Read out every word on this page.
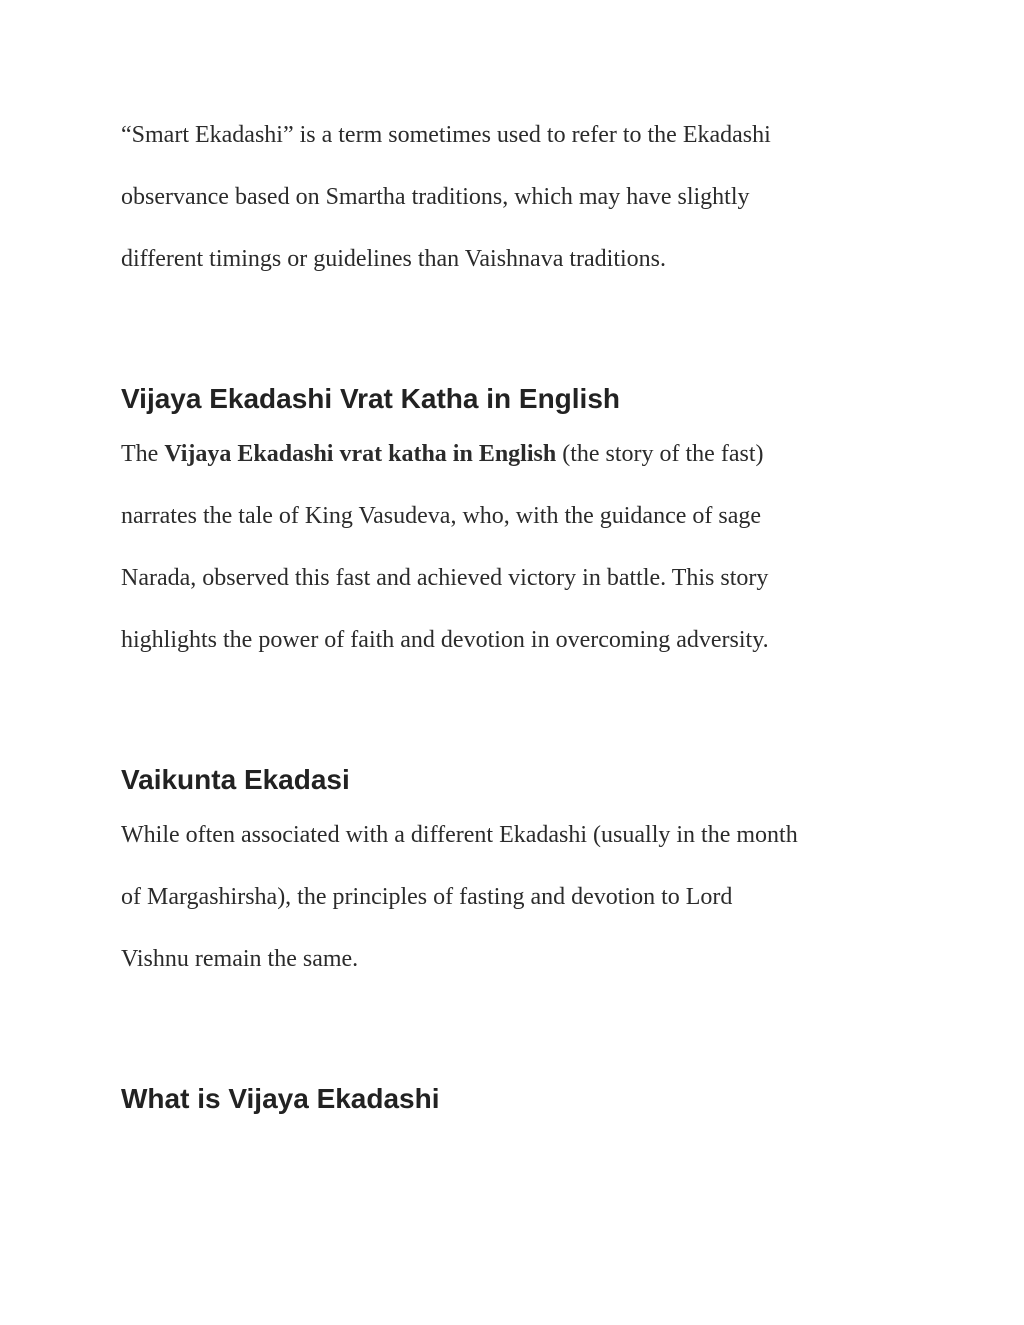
“Smart Ekadashi” is a term sometimes used to refer to the Ekadashi

observance based on Smartha traditions, which may have slightly

different timings or guidelines than Vaishnava traditions.

Vijaya Ekadashi Vrat Katha in English

The Vijaya Ekadashi vrat katha in English (the story of the fast)

narrates the tale of King Vasudeva, who, with the guidance of sage

Narada, observed this fast and achieved victory in battle. This story

highlights the power of faith and devotion in overcoming adversity.

Vaikunta Ekadasi

While often associated with a different Ekadashi (usually in the month

of Margashirsha), the principles of fasting and devotion to Lord

Vishnu remain the same.

What is Vijaya Ekadashi
